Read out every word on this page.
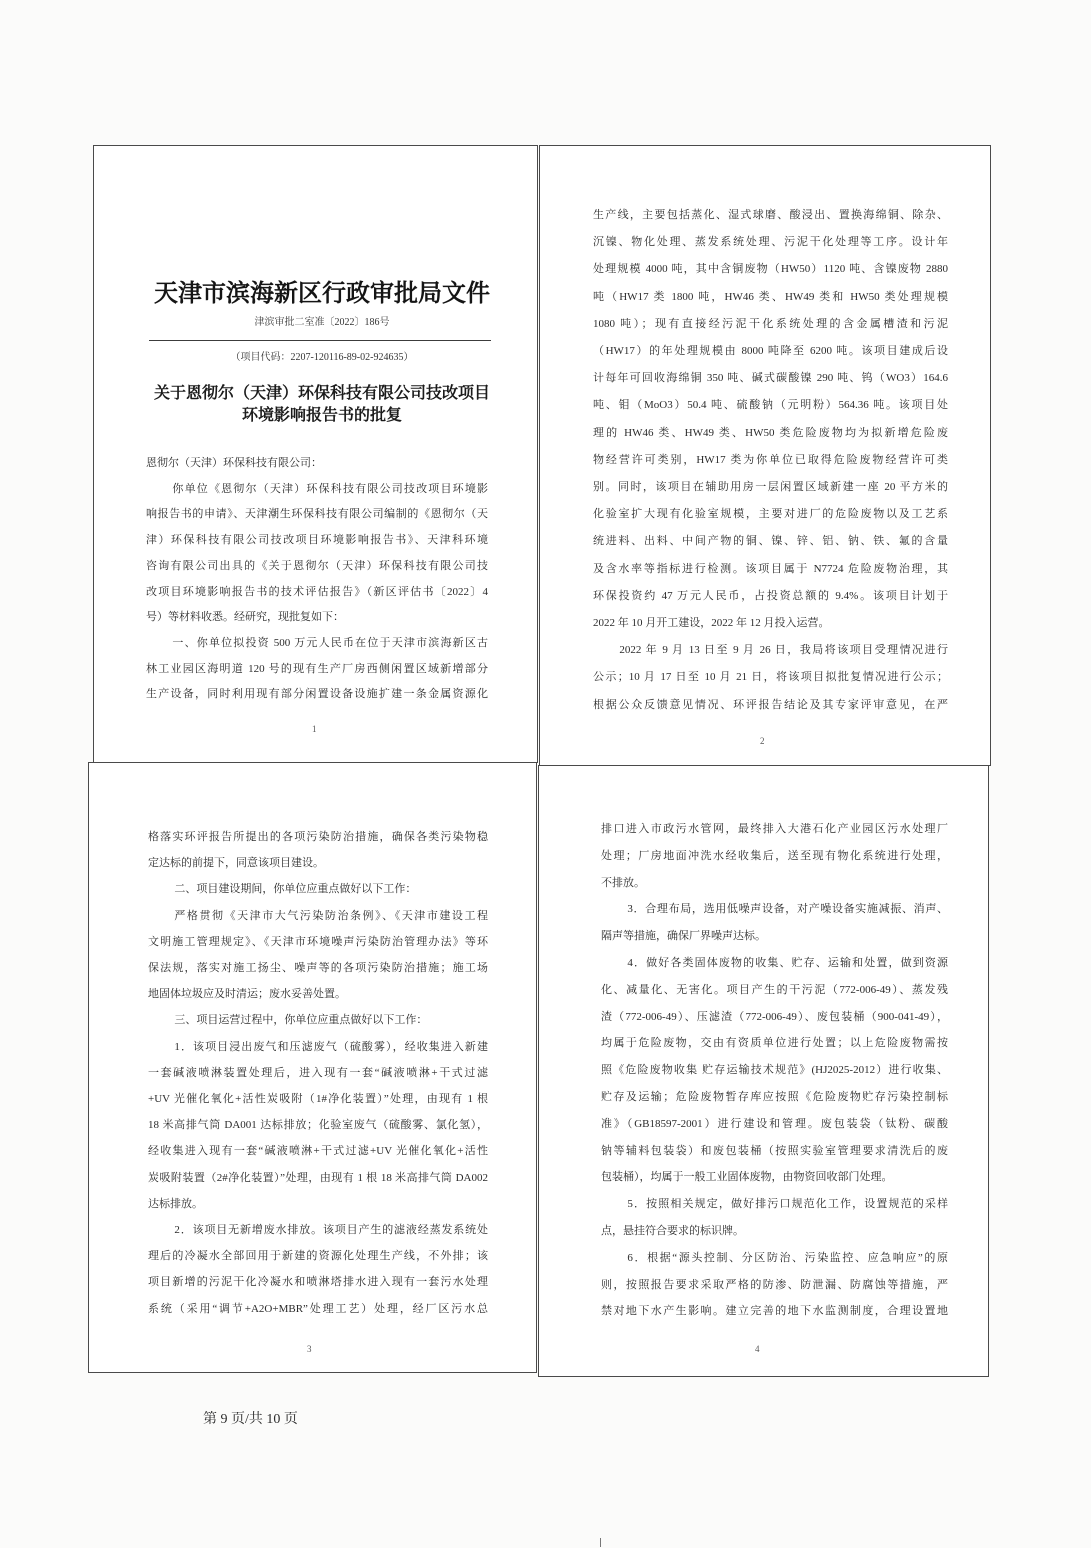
天津市滨海新区行政审批局文件
津滨审批二室准〔2022〕186号
（项目代码：2207-120116-89-02-924635）
关于恩彻尔（天津）环保科技有限公司技改项目
环境影响报告书的批复
恩彻尔（天津）环保科技有限公司：
你单位《恩彻尔（天津）环保科技有限公司技改项目环境影
响报告书的申请》、天津潮生环保科技有限公司编制的《恩彻尔（天
津）环保科技有限公司技改项目环境影响报告书》、天津科环境
咨询有限公司出具的《关于恩彻尔（天津）环保科技有限公司技
改项目环境影响报告书的技术评估报告》（新区评估书〔2022〕4
号）等材料收悉。经研究，现批复如下：
一、你单位拟投资 500 万元人民币在位于天津市滨海新区古
林工业园区海明道 120 号的现有生产厂房西侧闲置区域新增部分
生产设备，同时利用现有部分闲置设备设施扩建一条金属资源化
1
生产线，主要包括蒸化、湿式球磨、酸浸出、置换海绵铜、除杂、
沉镍、物化处理、蒸发系统处理、污泥干化处理等工序。设计年
处理规模 4000 吨，其中含铜废物（HW50）1120 吨、含镍废物 2880
吨（HW17 类 1800 吨，HW46 类、HW49 类和 HW50 类处理规模
1080 吨）；现有直接经污泥干化系统处理的含金属槽渣和污泥
（HW17）的年处理规模由 8000 吨降至 6200 吨。该项目建成后设
计每年可回收海绵铜 350 吨、碱式碳酸镍 290 吨、钨（WO3）164.6
吨、钼（MoO3）50.4 吨、硫酸钠（元明粉）564.36 吨。该项目处
理的 HW46 类、HW49 类、HW50 类危险废物均为拟新增危险废
物经营许可类别，HW17 类为你单位已取得危险废物经营许可类
别。同时，该项目在辅助用房一层闲置区域新建一座 20 平方米的
化验室扩大现有化验室规模，主要对进厂的危险废物以及工艺系
统进料、出料、中间产物的铜、镍、锌、铝、钠、铁、氟的含量
及含水率等指标进行检测。该项目属于 N7724 危险废物治理，其
环保投资约 47 万元人民币，占投资总额的 9.4%。该项目计划于
2022 年 10 月开工建设，2022 年 12 月投入运营。
2022 年 9 月 13 日至 9 月 26 日，我局将该项目受理情况进行
公示；10 月 17 日至 10 月 21 日，将该项目拟批复情况进行公示；
根据公众反馈意见情况、环评报告结论及其专家评审意见，在严
2
格落实环评报告所提出的各项污染防治措施，确保各类污染物稳
定达标的前提下，同意该项目建设。
二、项目建设期间，你单位应重点做好以下工作：
严格贯彻《天津市大气污染防治条例》、《天津市建设工程
文明施工管理规定》、《天津市环境噪声污染防治管理办法》等环
保法规，落实对施工扬尘、噪声等的各项污染防治措施；施工场
地固体垃圾应及时清运；废水妥善处置。
三、项目运营过程中，你单位应重点做好以下工作：
1．该项目浸出废气和压滤废气（硫酸雾），经收集进入新建
一套碱液喷淋装置处理后，进入现有一套“碱液喷淋+干式过滤
+UV 光催化氧化+活性炭吸附（1#净化装置）”处理，由现有 1 根
18 米高排气筒 DA001 达标排放；化验室废气（硫酸雾、氯化氢），
经收集进入现有一套“碱液喷淋+干式过滤+UV 光催化氧化+活性
炭吸附装置（2#净化装置）”处理，由现有 1 根 18 米高排气筒 DA002
达标排放。
2．该项目无新增废水排放。该项目产生的滤液经蒸发系统处
理后的冷凝水全部回用于新建的资源化处理生产线，不外排；该
项目新增的污泥干化冷凝水和喷淋塔排水进入现有一套污水处理
系统（采用“调节+A2O+MBR”处理工艺）处理，经厂区污水总
3
排口进入市政污水管网，最终排入大港石化产业园区污水处理厂
处理；厂房地面冲洗水经收集后，送至现有物化系统进行处理，
不排放。
3．合理布局，选用低噪声设备，对产噪设备实施减振、消声、
隔声等措施，确保厂界噪声达标。
4．做好各类固体废物的收集、贮存、运输和处置，做到资源
化、减量化、无害化。项目产生的干污泥（772-006-49）、蒸发残
渣（772-006-49）、压滤渣（772-006-49）、废包装桶（900-041-49），
均属于危险废物，交由有资质单位进行处置；以上危险废物需按
照《危险废物收集 贮存运输技术规范》(HJ2025-2012）进行收集、
贮存及运输；危险废物暂存库应按照《危险废物贮存污染控制标
准》（GB18597-2001）进行建设和管理。废包装袋（钛粉、碳酸
钠等辅料包装袋）和废包装桶（按照实验室管理要求清洗后的废
包装桶），均属于一般工业固体废物，由物资回收部门处理。
5．按照相关规定，做好排污口规范化工作，设置规范的采样
点，悬挂符合要求的标识牌。
6．根据“源头控制、分区防治、污染监控、应急响应”的原
则，按照报告要求采取严格的防渗、防泄漏、防腐蚀等措施，严
禁对地下水产生影响。建立完善的地下水监测制度，合理设置地
4
第 9 页/共 10 页
